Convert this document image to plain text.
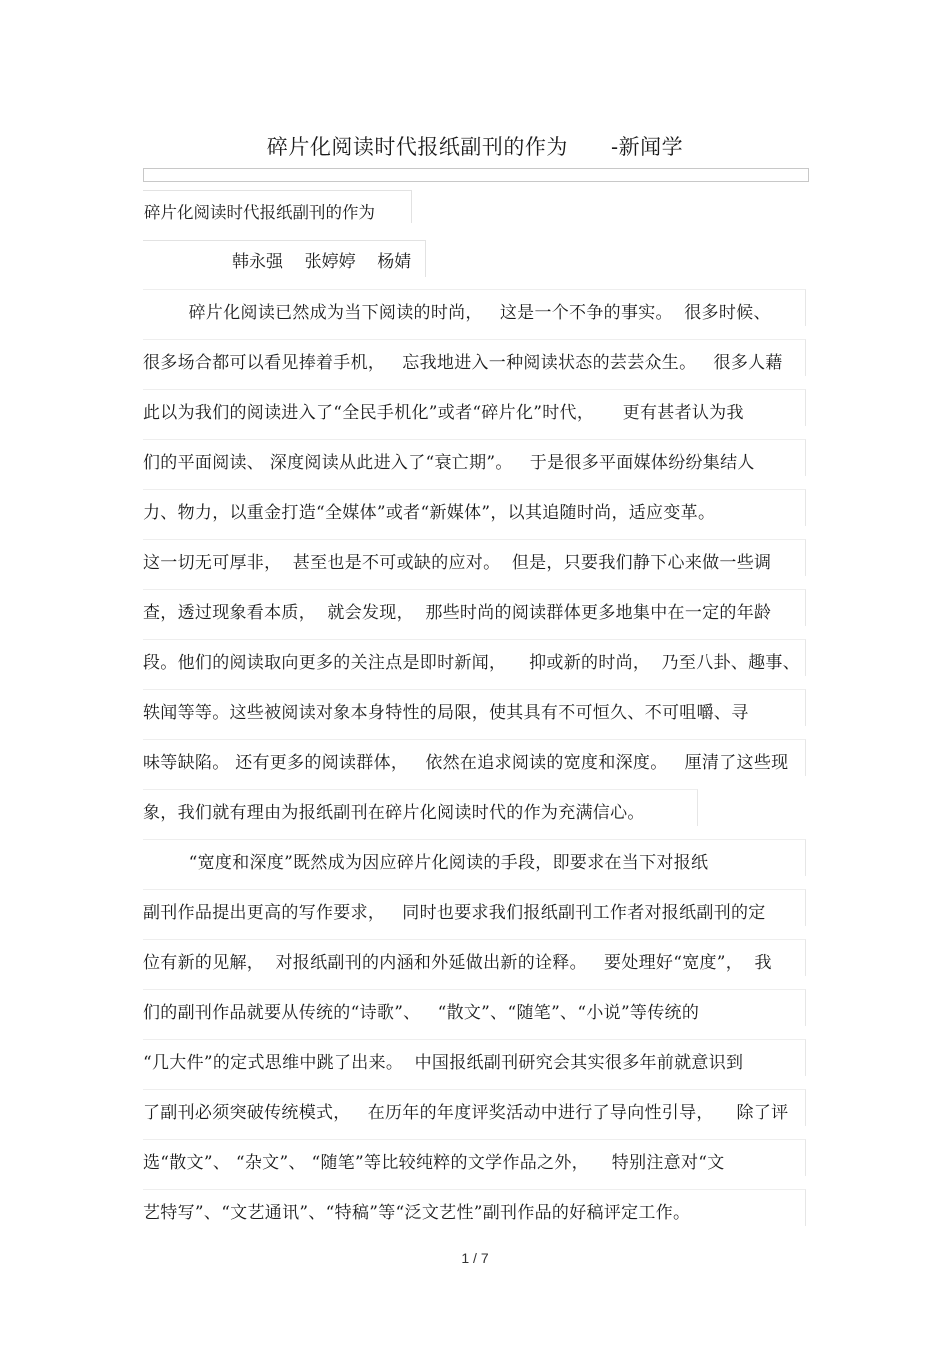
碎片化阅读时代报纸副刊的作为      -新闻学
碎片化阅读时代报纸副刊的作为
韩永强    张婷婷    杨婧
碎片化阅读已然成为当下阅读的时尚，   这是一个不争的事实。  很多时候、
很多场合都可以看见捧着手机，   忘我地进入一种阅读状态的芸芸众生。   很多人藉
此以为我们的阅读进入了“全民手机化”或者“碎片化”时代，     更有甚者认为我
们的平面阅读、 深度阅读从此进入了“衰亡期”。   于是很多平面媒体纷纷集结人
力、物力，以重金打造“全媒体”或者“新媒体”，以其追随时尚，适应变革。
这一切无可厚非，  甚至也是不可或缺的应对。  但是，只要我们静下心来做一些调
查，透过现象看本质，  就会发现，  那些时尚的阅读群体更多地集中在一定的年龄
段。他们的阅读取向更多的关注点是即时新闻，    抑或新的时尚，  乃至八卦、趣事、
轶闻等等。这些被阅读对象本身特性的局限，使其具有不可恒久、不可咀嚼、寻
味等缺陷。 还有更多的阅读群体，   依然在追求阅读的宽度和深度。   厘清了这些现
象，我们就有理由为报纸副刊在碎片化阅读时代的作为充满信心。
“宽度和深度”既然成为因应碎片化阅读的手段，即要求在当下对报纸
副刊作品提出更高的写作要求，   同时也要求我们报纸副刊工作者对报纸副刊的定
位有新的见解，  对报纸副刊的内涵和外延做出新的诠释。   要处理好“宽度”，  我
们的副刊作品就要从传统的“诗歌”、   “散文”、“随笔”、“小说”等传统的
“几大件”的定式思维中跳了出来。  中国报纸副刊研究会其实很多年前就意识到
了副刊必须突破传统模式，   在历年的年度评奖活动中进行了导向性引导，    除了评
选“散文”、 “杂文”、 “随笔”等比较纯粹的文学作品之外，    特别注意对“文
艺特写”、“文艺通讯”、“特稿”等“泛文艺性”副刊作品的好稿评定工作。
1 / 7
